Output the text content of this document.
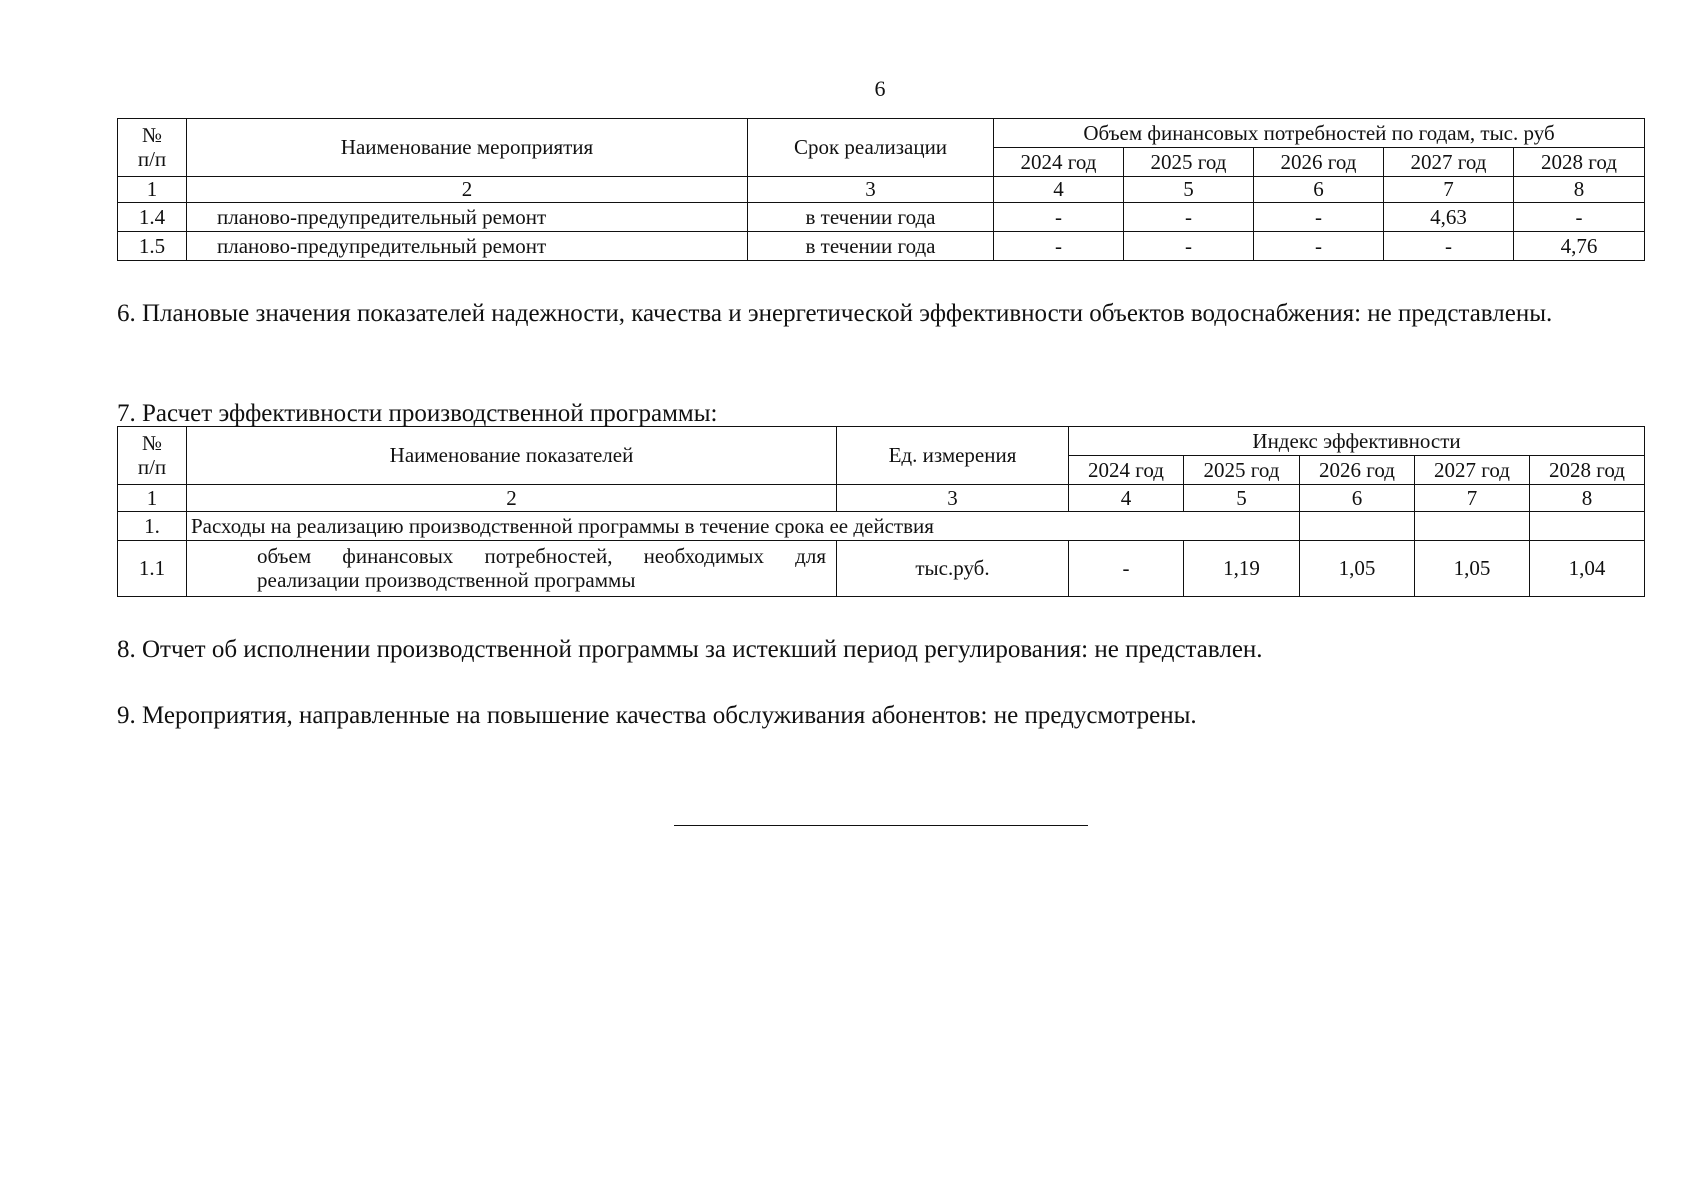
6
№
п/п	Наименование мероприятия	Срок реализации	Объем финансовых потребностей по годам, тыс. руб				
			2024 год	2025 год	2026 год	2027 год	2028 год
1	2	3	4	5	6	7	8
1.4	планово-предупредительный ремонт	в течении года	-	-	-	4,63	-
1.5	планово-предупредительный ремонт	в течении года	-	-	-	-	4,76
6. Плановые значения показателей надежности, качества и энергетической эффективности объектов водоснабжения: не представлены.
7. Расчет эффективности производственной программы:
№
п/п	Наименование показателей	Ед. измерения	Индекс эффективности				
			2024 год	2025 год	2026 год	2027 год	2028 год
1	2	3	4	5	6	7	8
1.	Расходы на реализацию производственной программы в течение срока ее действия						
1.1	объем финансовых потребностей, необходимых для реализации производственной программы	тыс.руб.	-	1,19	1,05	1,05	1,04
8. Отчет об исполнении производственной программы за истекший период регулирования: не представлен.
9. Мероприятия, направленные на повышение качества обслуживания абонентов: не предусмотрены.
